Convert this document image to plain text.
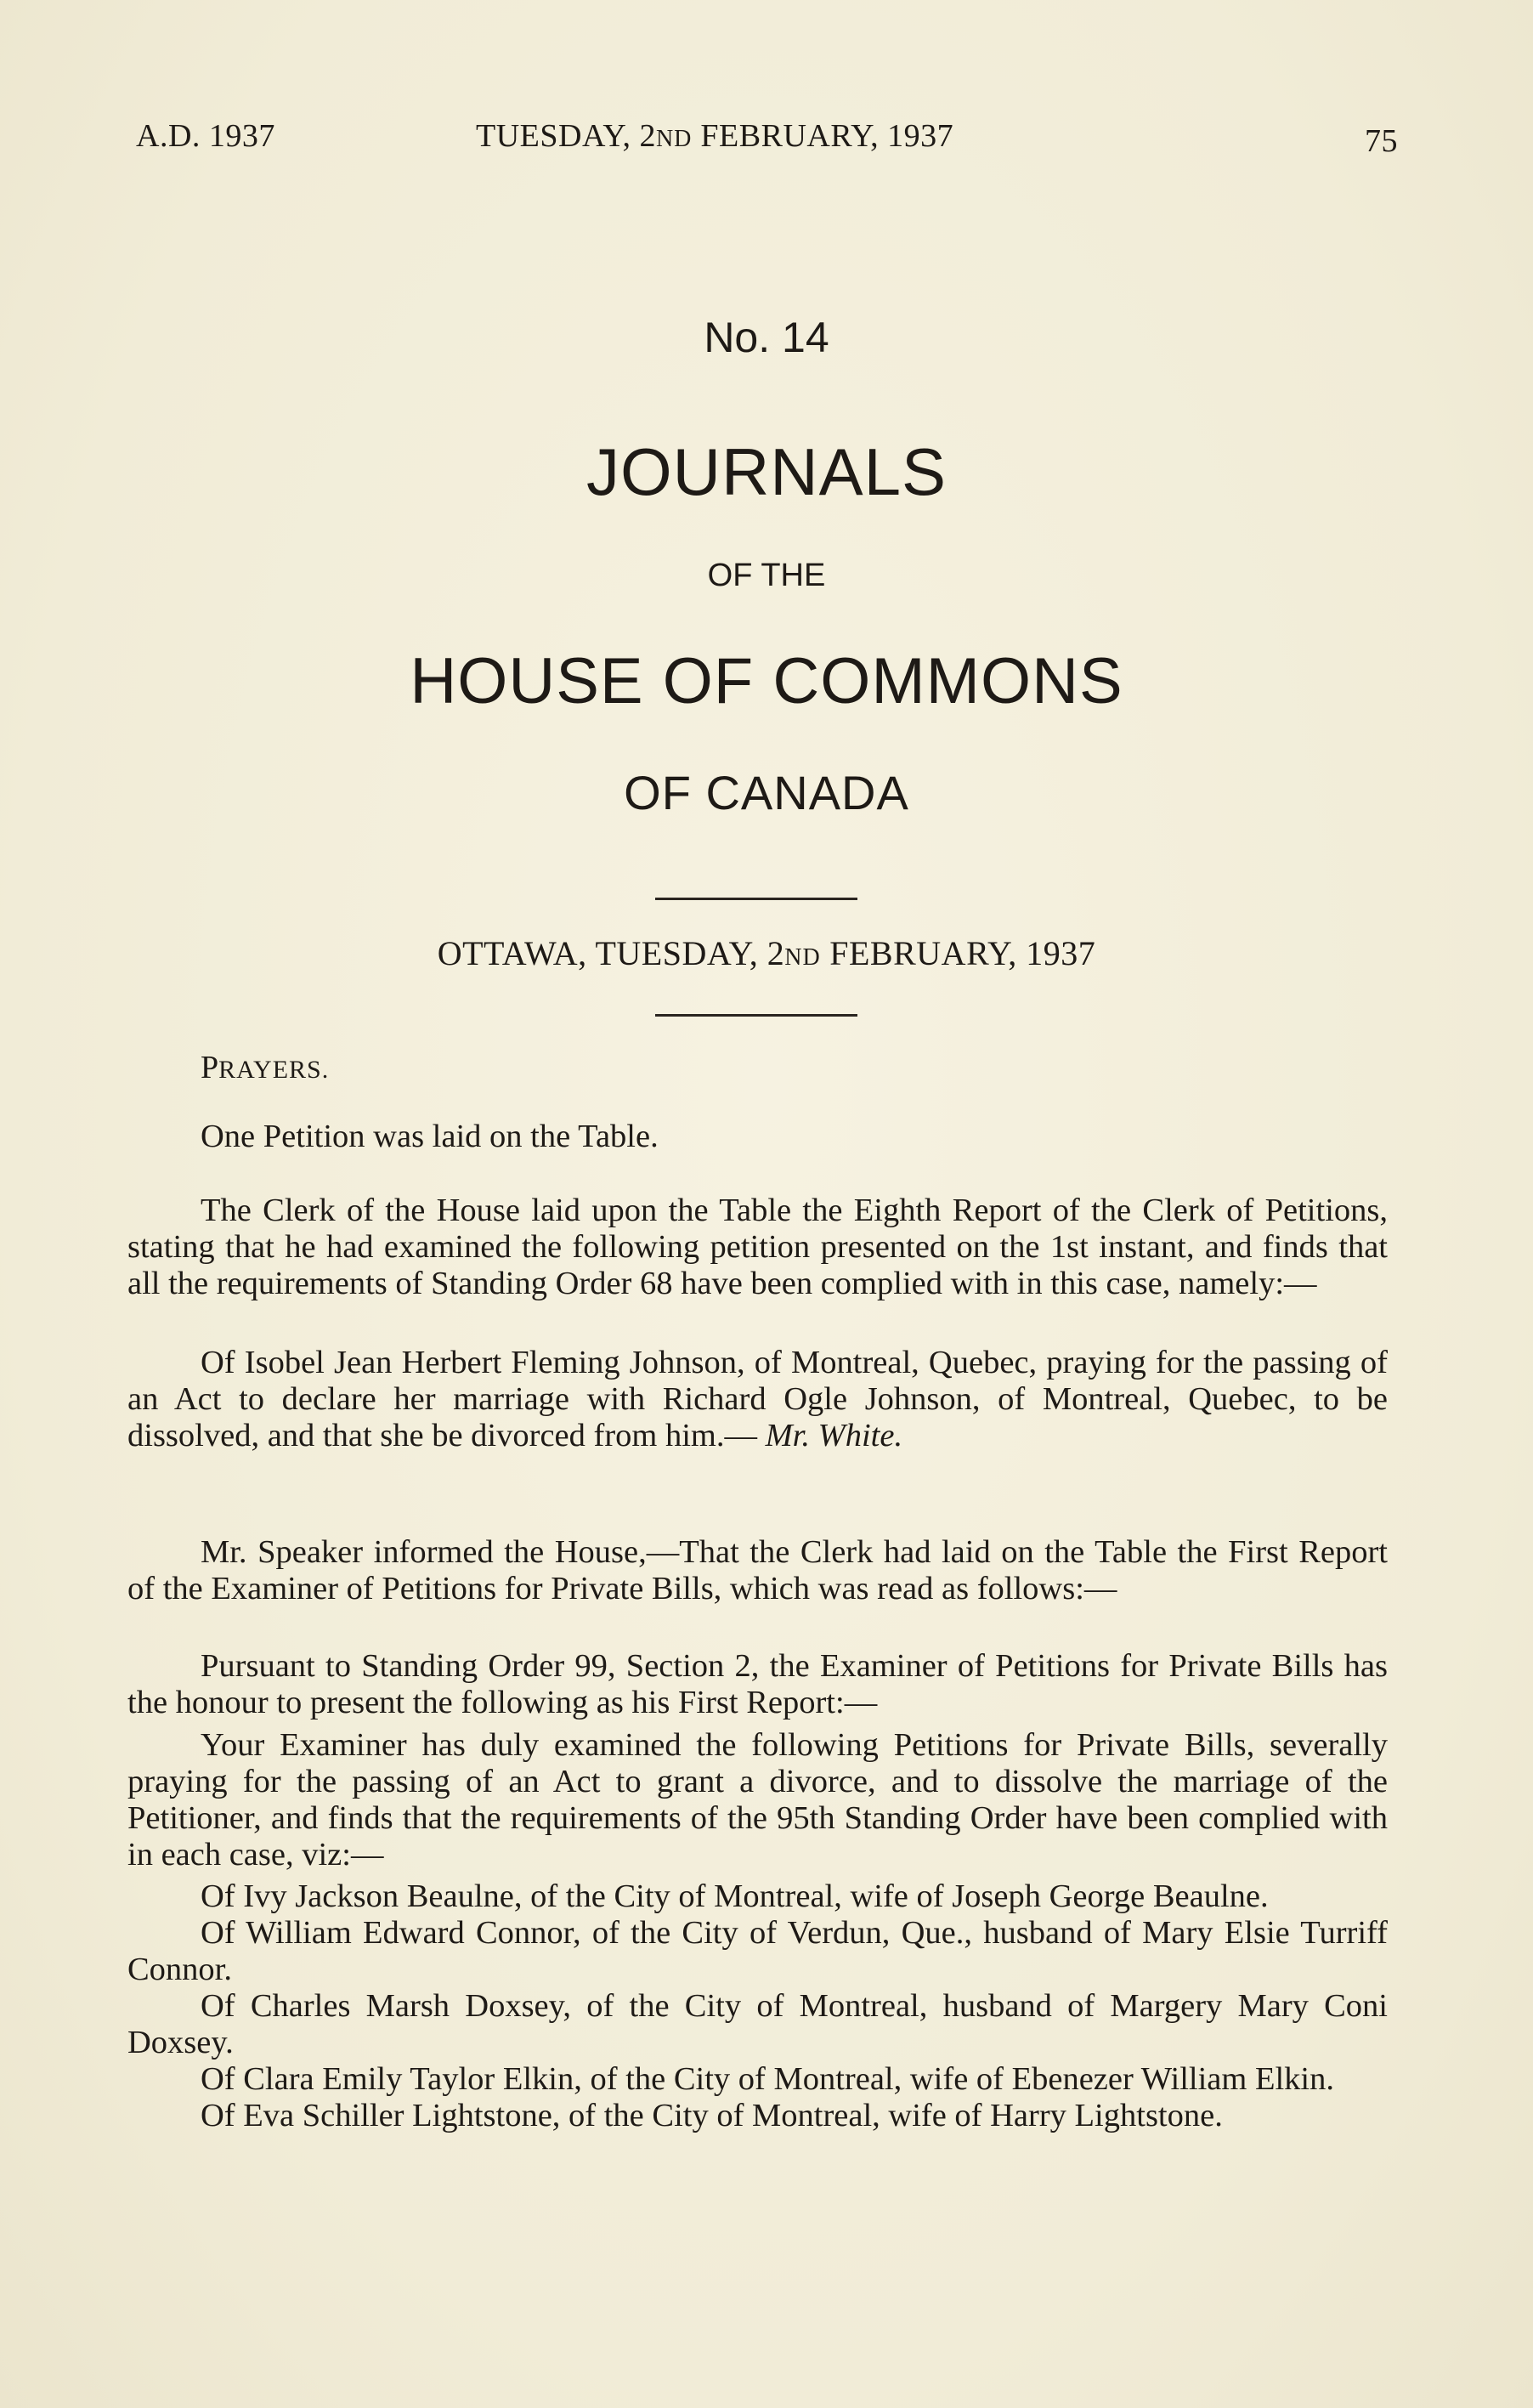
A.D. 1937	TUESDAY, 2ND FEBRUARY, 1937	75
No. 14
JOURNALS
OF THE
HOUSE OF COMMONS
OF CANADA
OTTAWA, TUESDAY, 2ND FEBRUARY, 1937
PRAYERS.

One Petition was laid on the Table.

The Clerk of the House laid upon the Table the Eighth Report of the Clerk of Petitions, stating that he had examined the following petition presented on the 1st instant, and finds that all the requirements of Standing Order 68 have been complied with in this case, namely:—

Of Isobel Jean Herbert Fleming Johnson, of Montreal, Quebec, praying for the passing of an Act to declare her marriage with Richard Ogle Johnson, of Montreal, Quebec, to be dissolved, and that she be divorced from him.— Mr. White.

Mr. Speaker informed the House,—That the Clerk had laid on the Table the First Report of the Examiner of Petitions for Private Bills, which was read as follows:—

Pursuant to Standing Order 99, Section 2, the Examiner of Petitions for Private Bills has the honour to present the following as his First Report:—

Your Examiner has duly examined the following Petitions for Private Bills, severally praying for the passing of an Act to grant a divorce, and to dissolve the marriage of the Petitioner, and finds that the requirements of the 95th Standing Order have been complied with in each case, viz:—

Of Ivy Jackson Beaulne, of the City of Montreal, wife of Joseph George Beaulne.

Of William Edward Connor, of the City of Verdun, Que., husband of Mary Elsie Turriff Connor.

Of Charles Marsh Doxsey, of the City of Montreal, husband of Margery Mary Coni Doxsey.

Of Clara Emily Taylor Elkin, of the City of Montreal, wife of Ebenezer William Elkin.

Of Eva Schiller Lightstone, of the City of Montreal, wife of Harry Lightstone.
